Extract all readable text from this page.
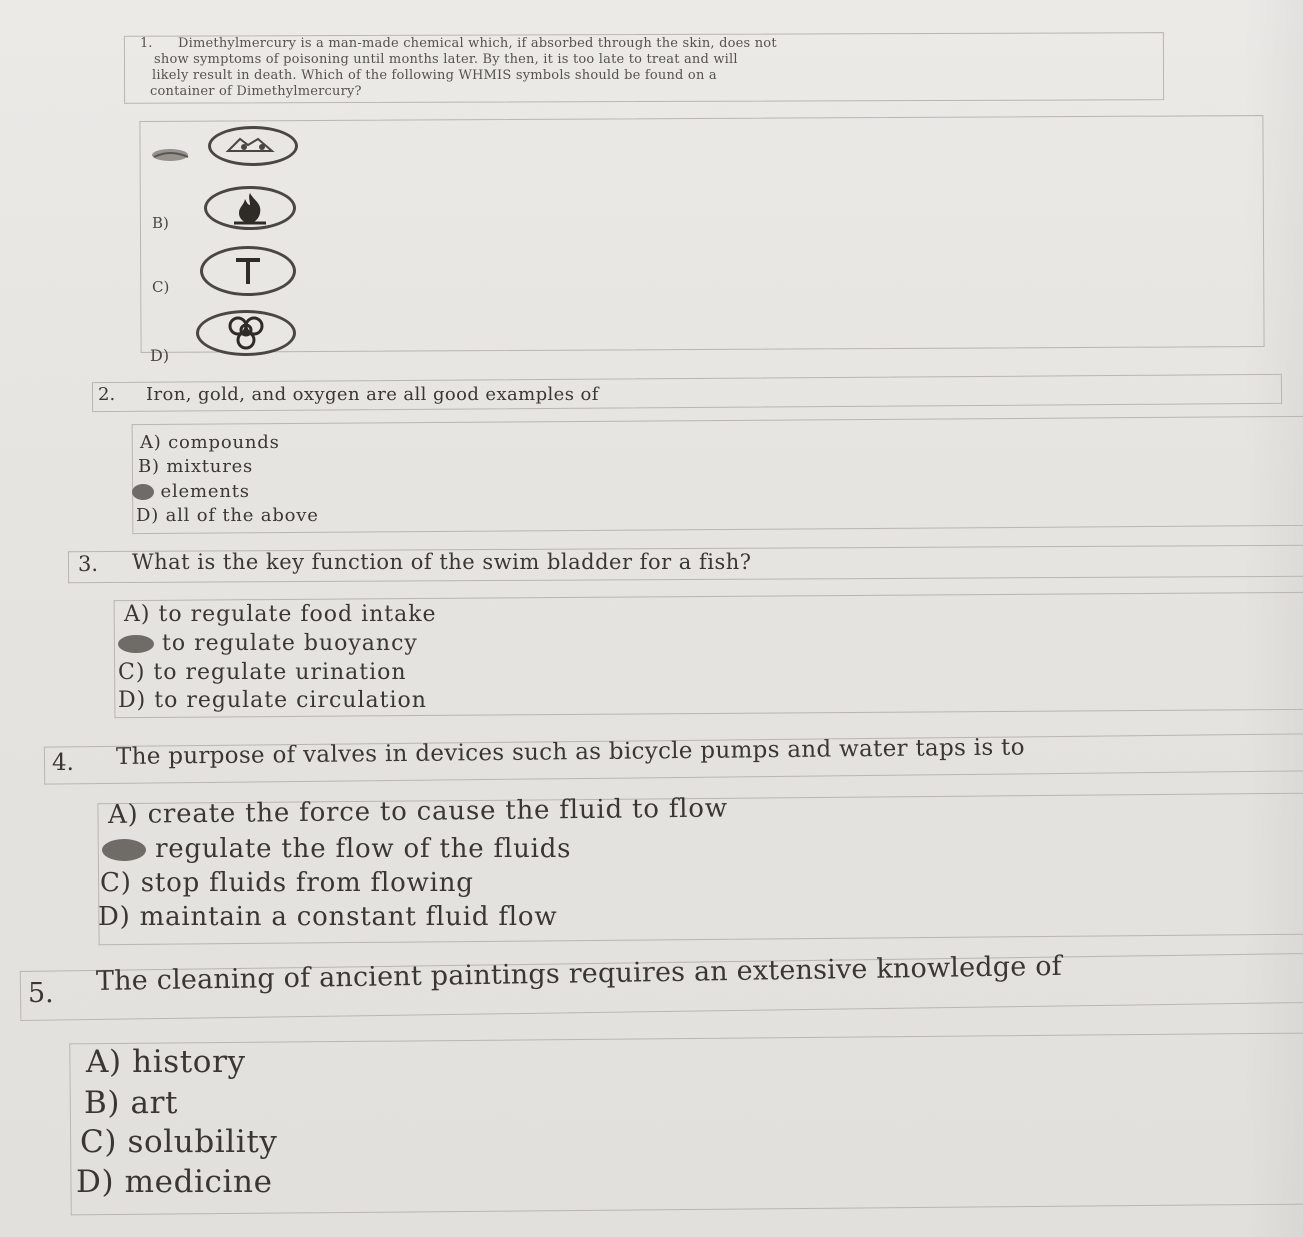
1. Dimethylmercury is a man-made chemical which, if absorbed through the skin, does not
show symptoms of poisoning until months later. By then, it is too late to treat and will
likely result in death. Which of the following WHMIS symbols should be found on a
container of Dimethylmercury?
B)
C)
D)
2. Iron, gold, and oxygen are all good examples of
A) compounds
B) mixtures
elements
D) all of the above
3. What is the key function of the swim bladder for a fish?
A) to regulate food intake
to regulate buoyancy
C) to regulate urination
D) to regulate circulation
4. The purpose of valves in devices such as bicycle pumps and water taps is to
A) create the force to cause the fluid to flow
regulate the flow of the fluids
C) stop fluids from flowing
D) maintain a constant fluid flow
5. The cleaning of ancient paintings requires an extensive knowledge of
A) history
B) art
C) solubility
D) medicine
